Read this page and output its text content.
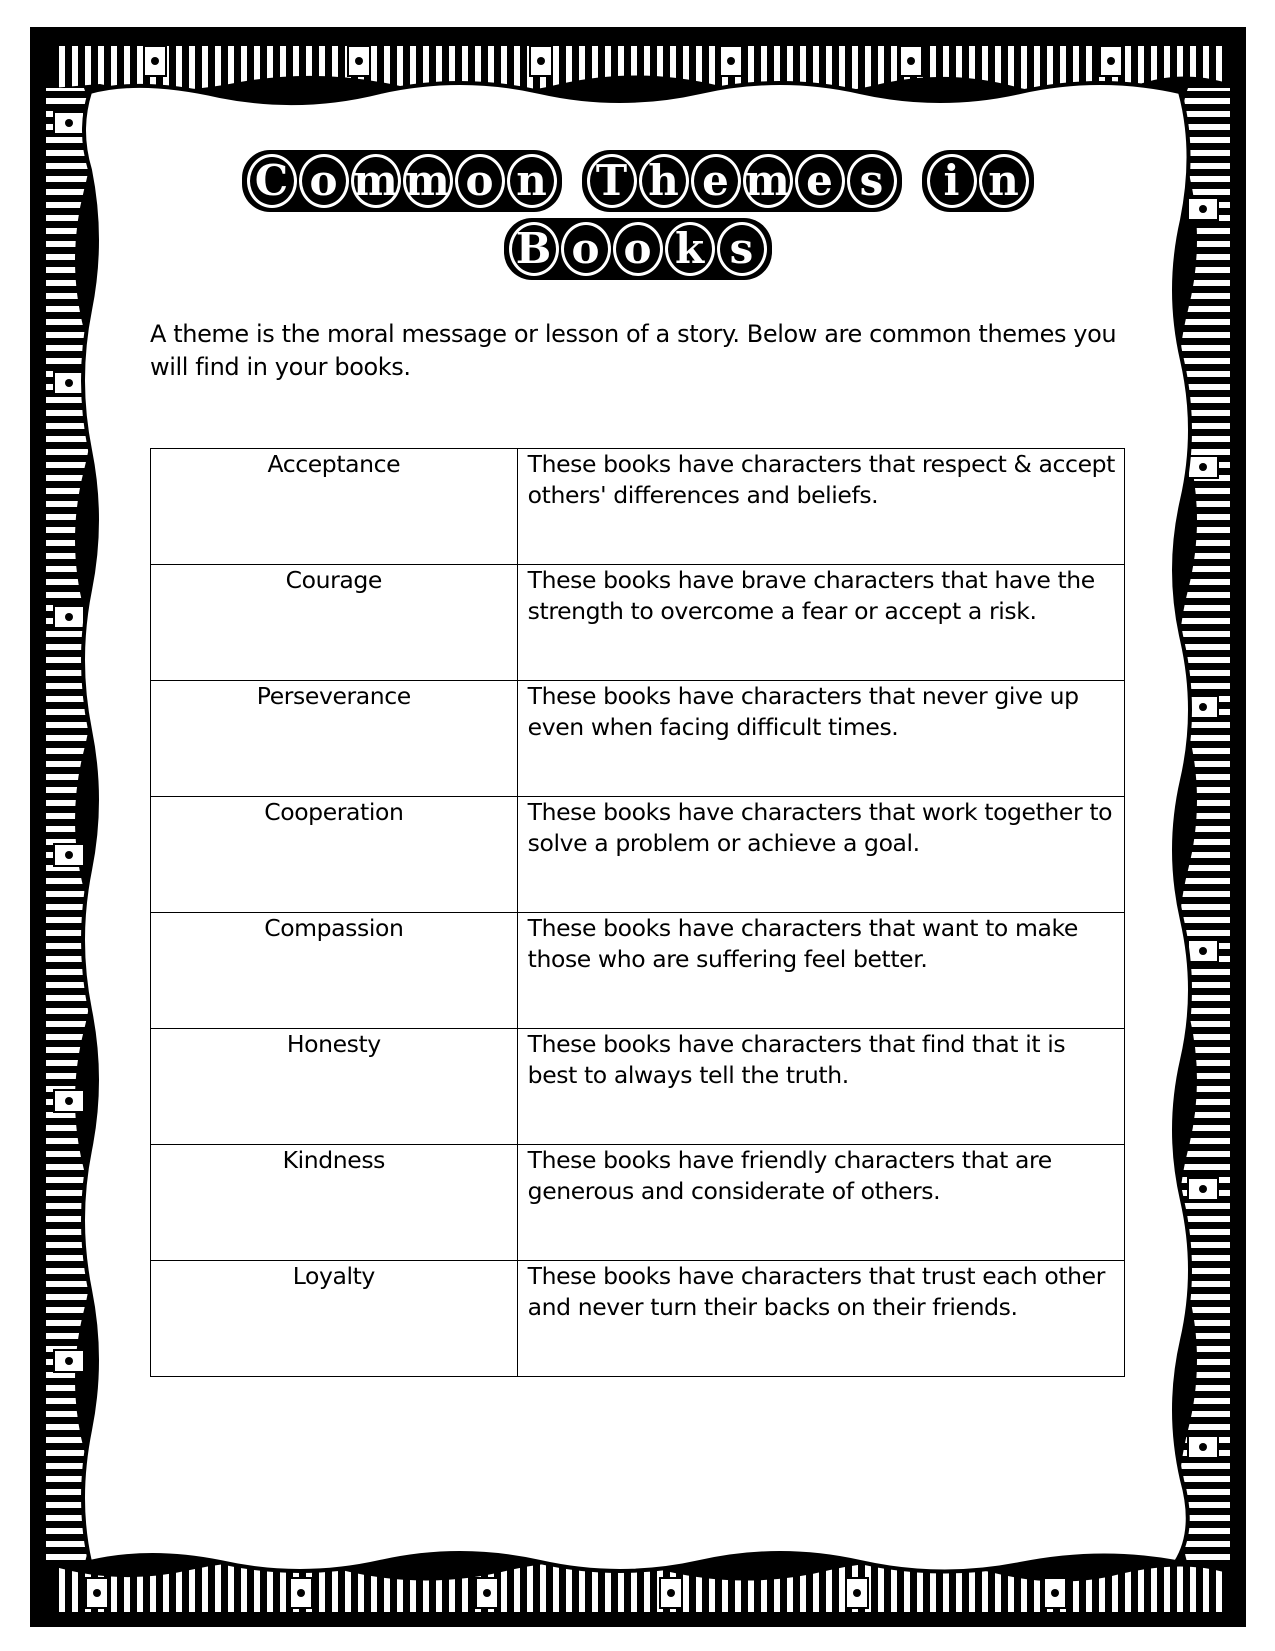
C o m m o n T h e m e s	i n
B o o k s

A theme is the moral message or lesson of a story. Below are common themes you will find in your books.

Acceptance	These books have characters that respect & accept others' differences and beliefs.
Courage	These books have brave characters that have the strength to overcome a fear or accept a risk.
Perseverance	These books have characters that never give up even when facing difficult times.
Cooperation	These books have characters that work together to solve a problem or achieve a goal.
Compassion	These books have characters that want to make those who are suffering feel better.
Honesty	These books have characters that find that it is best to always tell the truth.
Kindness	These books have friendly characters that are generous and considerate of others.
Loyalty	These books have characters that trust each other and never turn their backs on their friends.
